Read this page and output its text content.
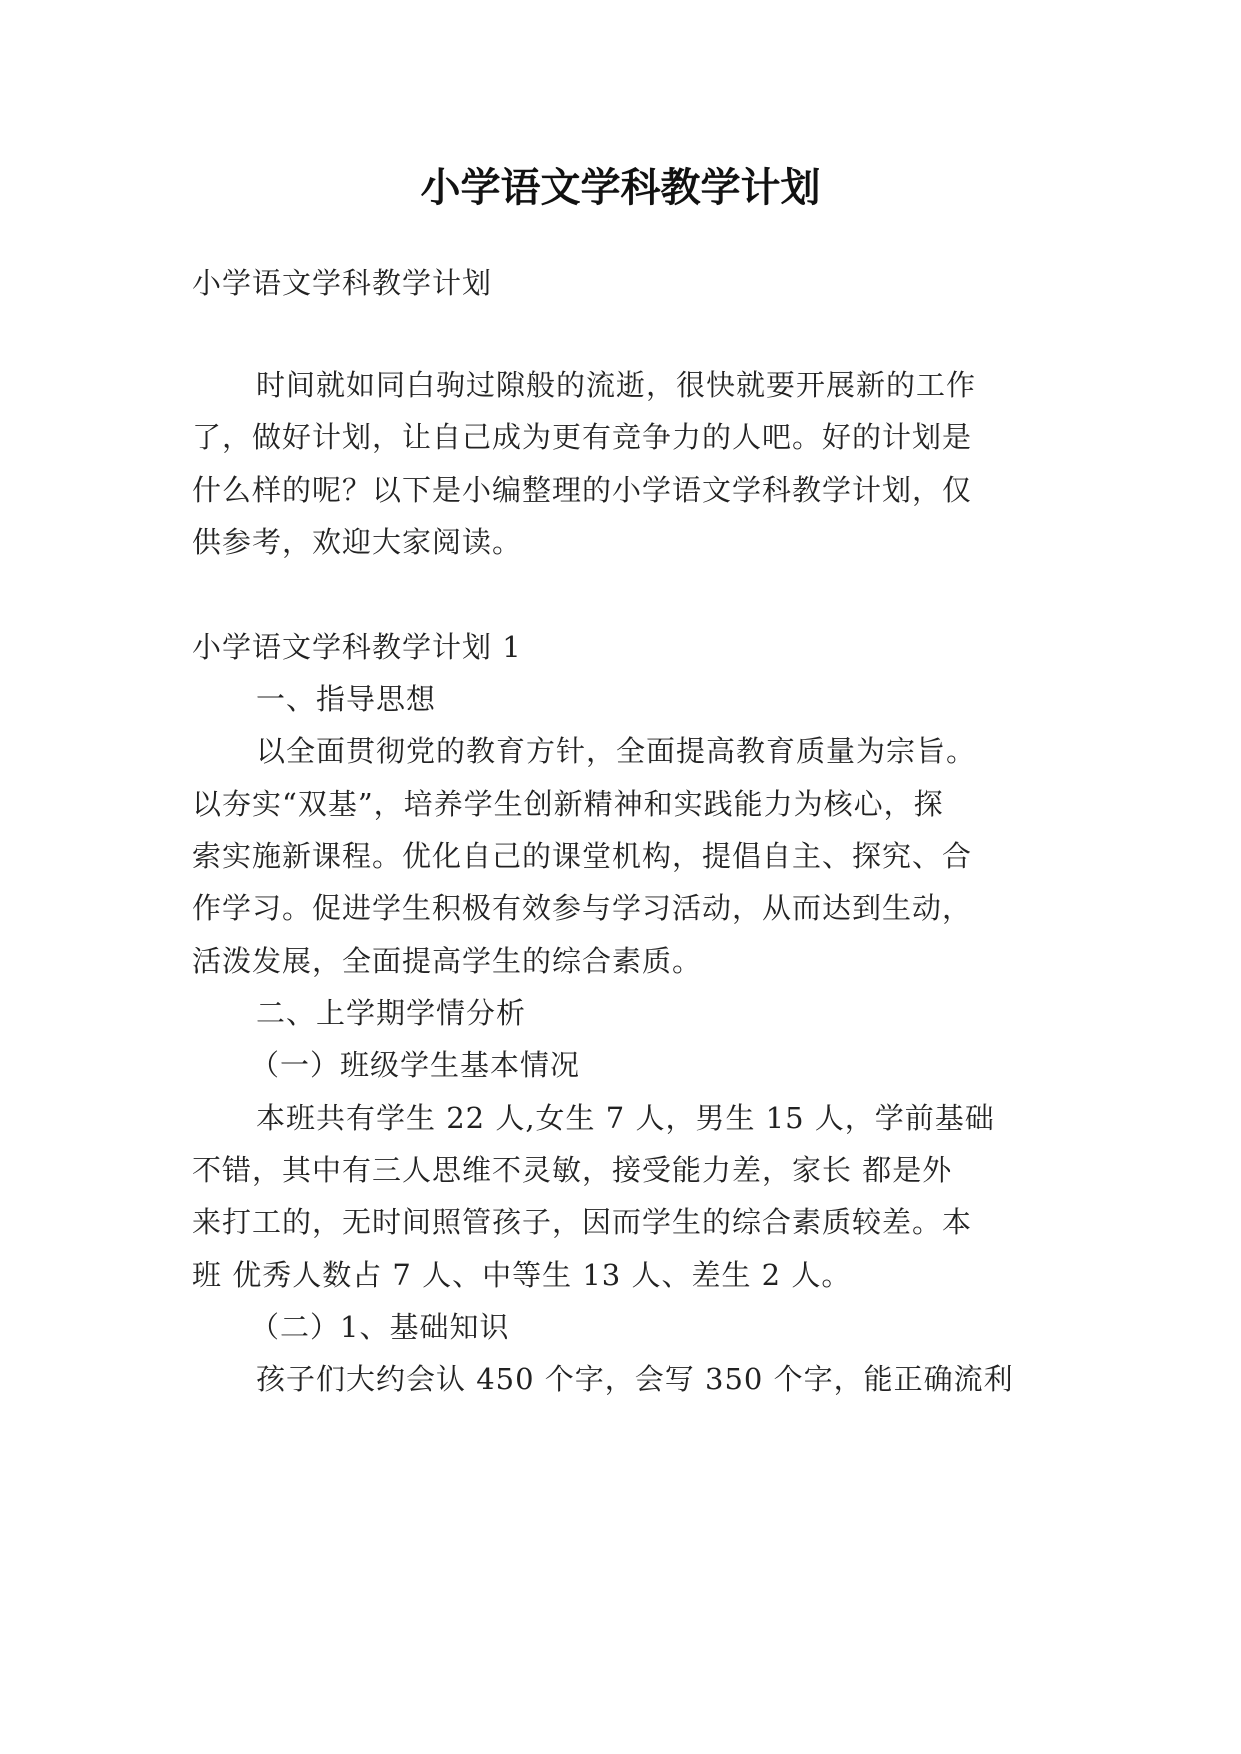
小学语文学科教学计划
小学语文学科教学计划
时间就如同白驹过隙般的流逝，很快就要开展新的工作
了，做好计划，让自己成为更有竞争力的人吧。好的计划是
什么样的呢？以下是小编整理的小学语文学科教学计划，仅
供参考，欢迎大家阅读。
小学语文学科教学计划 1
一、指导思想
以全面贯彻党的教育方针，全面提高教育质量为宗旨。
以夯实“双基”，培养学生创新精神和实践能力为核心，探
索实施新课程。优化自己的课堂机构，提倡自主、探究、合
作学习。促进学生积极有效参与学习活动，从而达到生动，
活泼发展，全面提高学生的综合素质。
二、上学期学情分析
（一）班级学生基本情况
本班共有学生 22 人,女生 7 人，男生 15 人，学前基础
不错，其中有三人思维不灵敏，接受能力差，家长 都是外
来打工的，无时间照管孩子，因而学生的综合素质较差。本
班 优秀人数占 7 人、中等生 13 人、差生 2 人。
（二）1、基础知识
孩子们大约会认 450 个字，会写 350 个字，能正确流利
